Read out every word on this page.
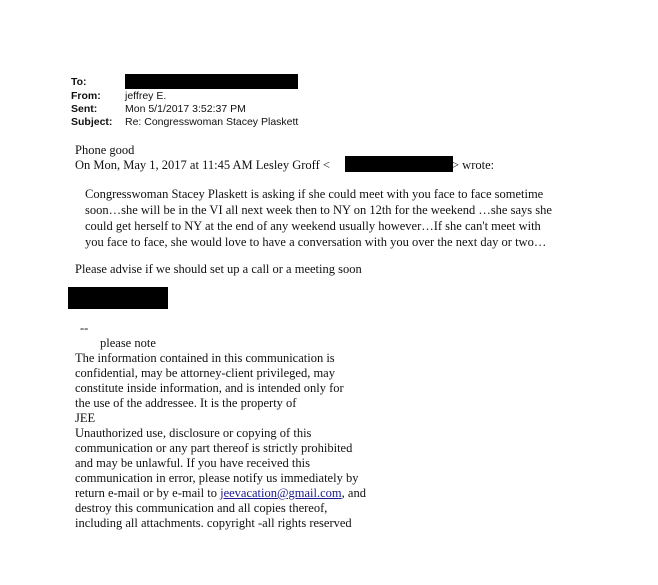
To:
From: jeffrey E.
Sent:	Mon 5/1/2017 3:52:37 PM
Subject: Re: Congresswoman Stacey Plaskett
Phone good
On Mon, May 1, 2017 at 11:45 AM Lesley Groff <	> wrote:
Congresswoman Stacey Plaskett is asking if she could meet with you face to face sometime
soon…she will be in the VI all next week then to NY on 12th for the weekend …she says she
could get herself to NY at the end of any weekend usually however…If she can't meet with
you face to face, she would love to have a conversation with you over the next day or two…
Please advise if we should set up a call or a meeting soon
--
please note
The information contained in this communication is
confidential, may be attorney-client privileged, may
constitute inside information, and is intended only for
the use of the addressee. It is the property of
JEE
Unauthorized use, disclosure or copying of this
communication or any part thereof is strictly prohibited
and may be unlawful. If you have received this
communication in error, please notify us immediately by
return e-mail or by e-mail to jeevacation@gmail.com, and
destroy this communication and all copies thereof,
including all attachments. copyright -all rights reserved
